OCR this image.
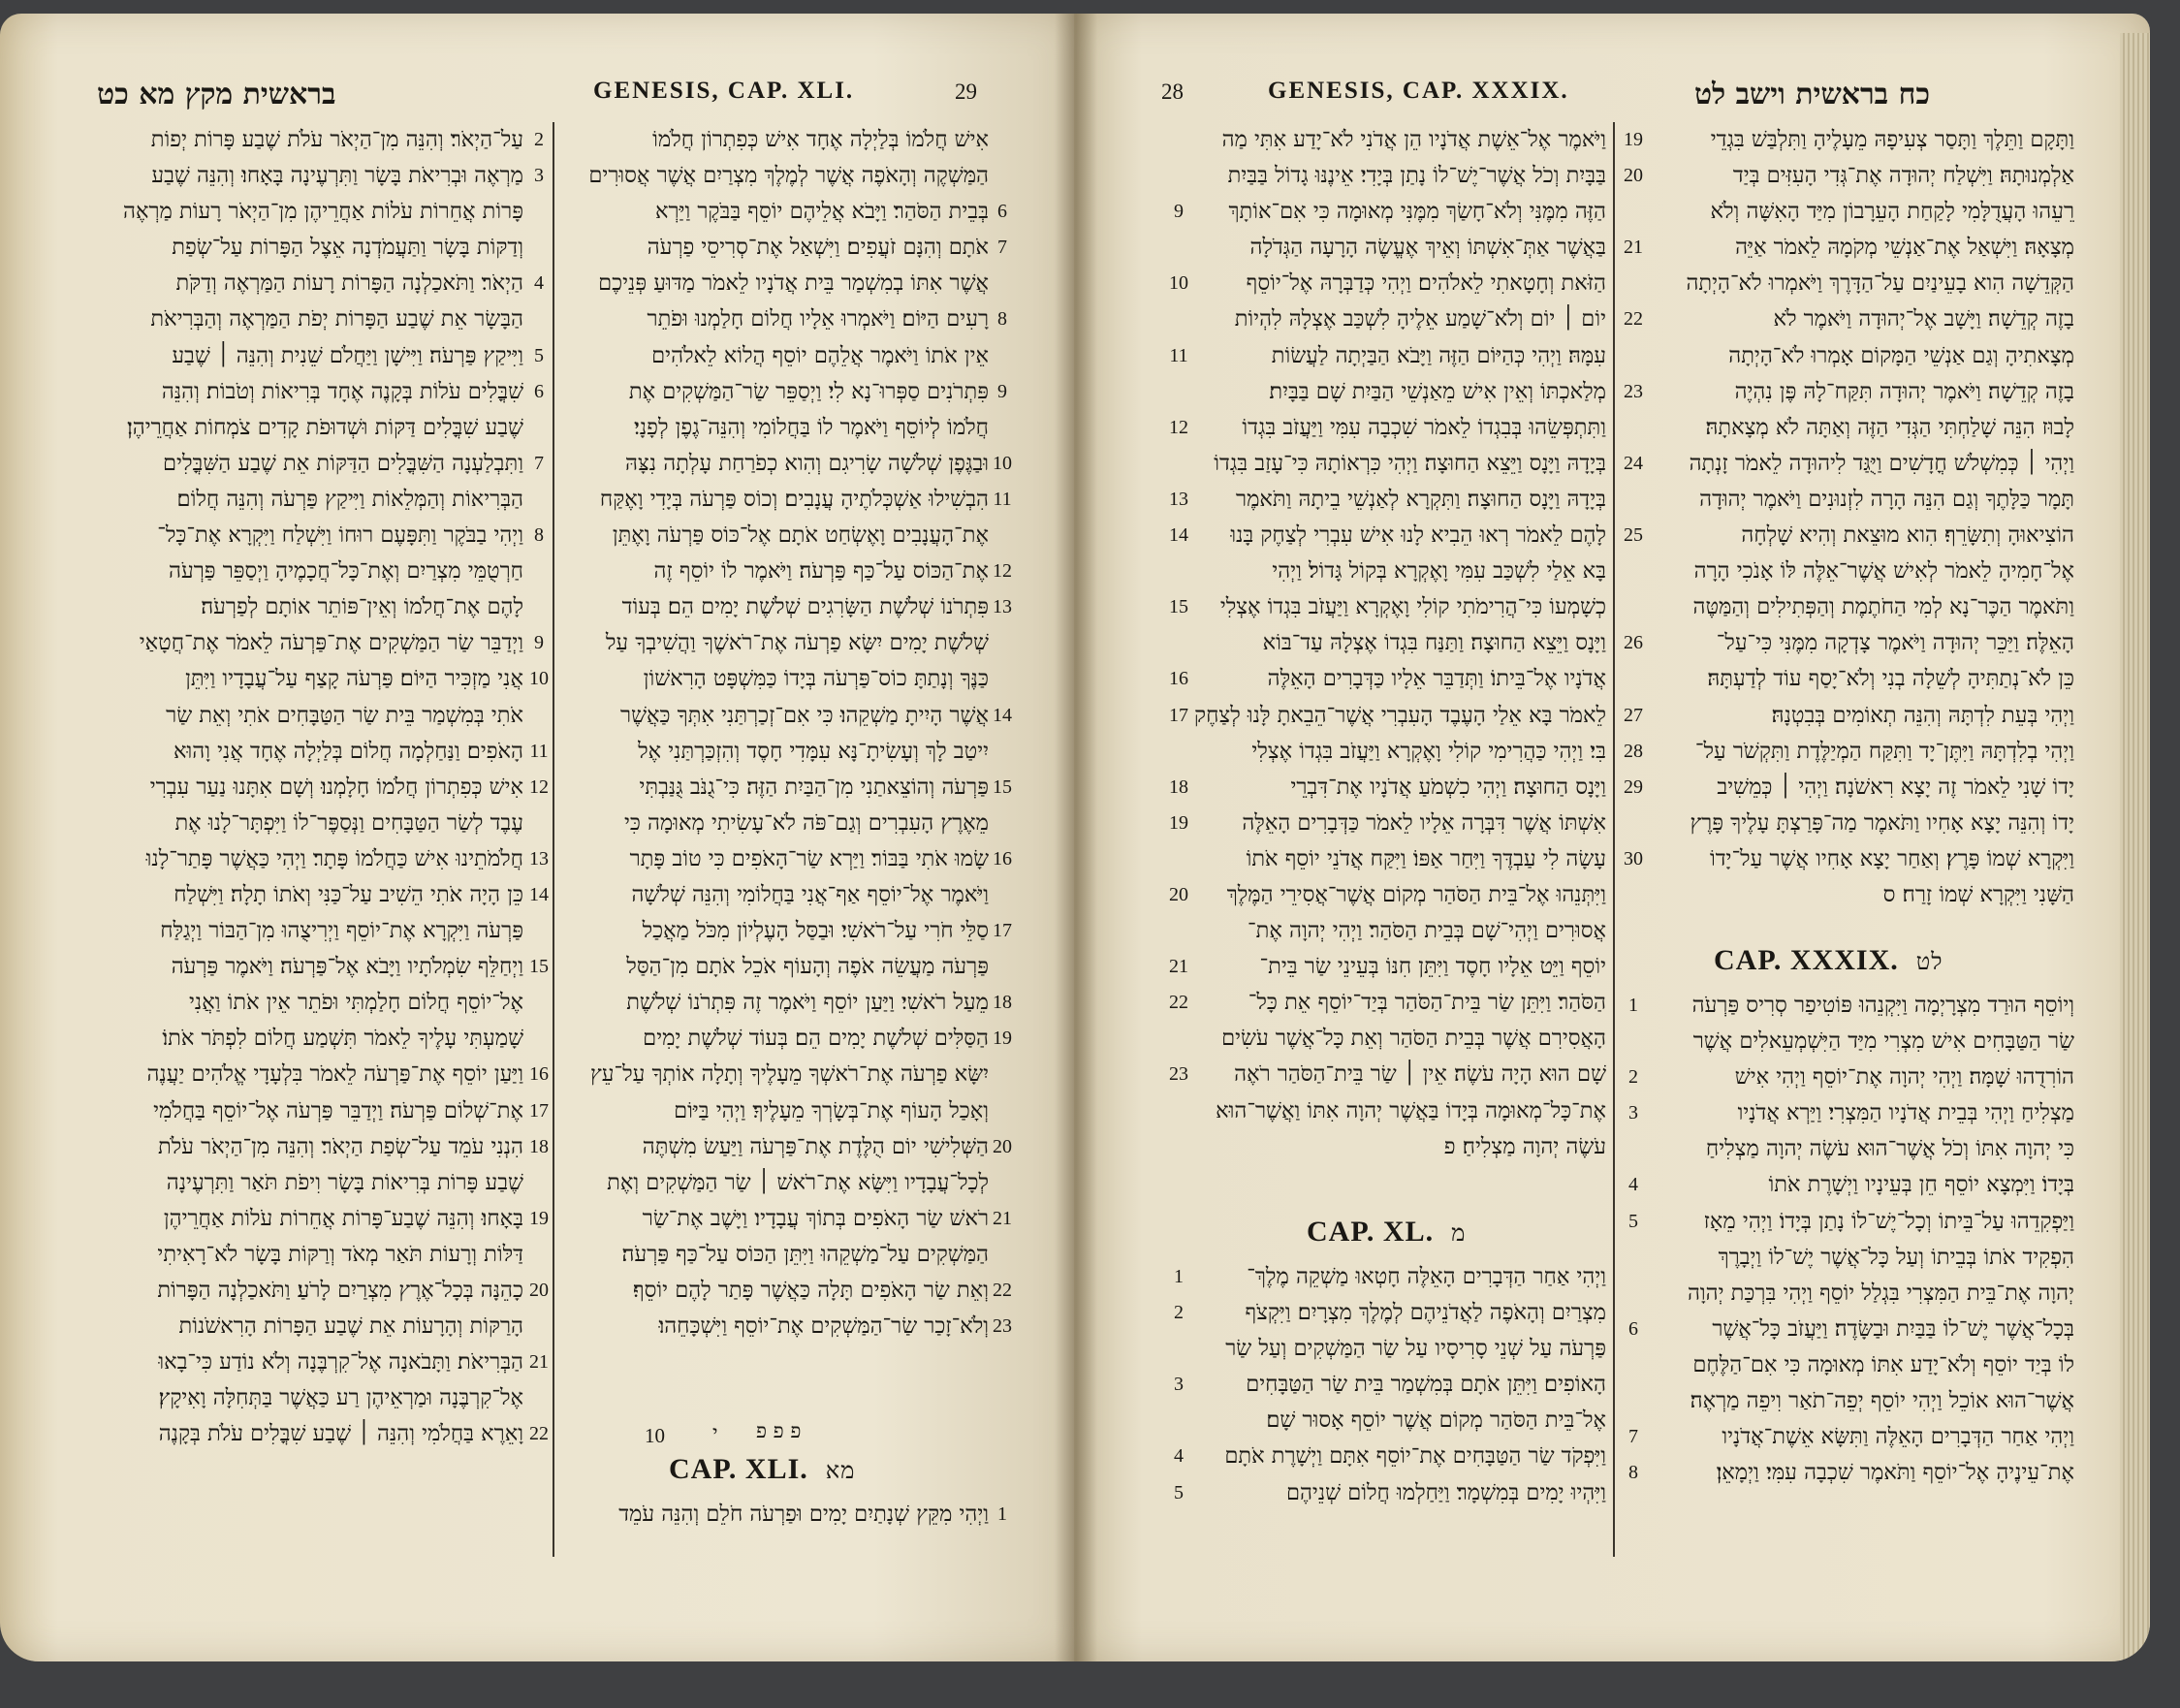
בראשית מקץ מא כט	GENESIS, CAP. XLI.	29
עַל־הַיְאֹר׃ וְהִנֵּה מִן־הַיְאֹר עֹלֹת שֶׁבַע פָּרוֹת יְפוֹת
מַרְאֶה וּבְרִיאֹת בָּשָׂר וַתִּרְעֶינָה בָּאָחוּ׃ וְהִנֵּה שֶׁבַע
פָּרוֹת אֲחֵרוֹת עֹלוֹת אַחֲרֵיהֶן מִן־הַיְאֹר רָעוֹת מַרְאֶה
וְדַקּוֹת בָּשָׂר וַתַּעֲמֹדְנָה אֵצֶל הַפָּרוֹת עַל־שְׂפַת
הַיְאֹר׃ וַתֹּאכַלְנָה הַפָּרוֹת רָעוֹת הַמַּרְאֶה וְדַקֹּת
הַבָּשָׂר אֵת שֶׁבַע הַפָּרוֹת יְפֹת הַמַּרְאֶה וְהַבְּרִיאֹת
וַיִּיקַץ פַּרְעֹה׃ וַיִּישָׁן וַיַּחֲלֹם שֵׁנִית וְהִנֵּה ׀ שֶׁבַע
שִׁבֳּלִים עֹלוֹת בְּקָנֶה אֶחָד בְּרִיאוֹת וְטֹבוֹת׃ וְהִנֵּה
שֶׁבַע שִׁבֳּלִים דַּקּוֹת וּשְׁדוּפֹת קָדִים צֹמְחוֹת אַחֲרֵיהֶן׃
וַתִּבְלַעְנָה הַשִּׁבֳּלִים הַדַּקּוֹת אֵת שֶׁבַע הַשִּׁבֳּלִים
הַבְּרִיאוֹת וְהַמְּלֵאוֹת וַיִּיקַץ פַּרְעֹה וְהִנֵּה חֲלוֹם׃
וַיְהִי בַבֹּקֶר וַתִּפָּעֶם רוּחוֹ וַיִּשְׁלַח וַיִּקְרָא אֶת־כָּל־
חַרְטֻמֵּי מִצְרַיִם וְאֶת־כָּל־חֲכָמֶיהָ וַיְסַפֵּר פַּרְעֹה
לָהֶם אֶת־חֲלֹמוֹ וְאֵין־פּוֹתֵר אוֹתָם לְפַרְעֹה׃
וַיְדַבֵּר שַׂר הַמַּשְׁקִים אֶת־פַּרְעֹה לֵאמֹר אֶת־חֲטָאַי
אֲנִי מַזְכִּיר הַיּוֹם׃ פַּרְעֹה קָצַף עַל־עֲבָדָיו וַיִּתֵּן
אֹתִי בְּמִשְׁמַר בֵּית שַׂר הַטַּבָּחִים אֹתִי וְאֵת שַׂר
הָאֹפִים׃ וַנַּחַלְמָה חֲלוֹם בְּלַיְלָה אֶחָד אֲנִי וָהוּא
אִישׁ כְּפִתְרוֹן חֲלֹמוֹ חָלָמְנוּ׃ וְשָׁם אִתָּנוּ נַעַר עִבְרִי
עֶבֶד לְשַׂר הַטַּבָּחִים וַנְּסַפֶּר־לוֹ וַיִּפְתָּר־לָנוּ אֶת
חֲלֹמֹתֵינוּ אִישׁ כַּחֲלֹמוֹ פָּתָר׃ וַיְהִי כַּאֲשֶׁר פָּתַר־לָנוּ
כֵּן הָיָה אֹתִי הֵשִׁיב עַל־כַּנִּי וְאֹתוֹ תָלָה׃ וַיִּשְׁלַח
פַּרְעֹה וַיִּקְרָא אֶת־יוֹסֵף וַיְרִיצֻהוּ מִן־הַבּוֹר וַיְגַלַּח
וַיְחַלֵּף שִׂמְלֹתָיו וַיָּבֹא אֶל־פַּרְעֹה׃ וַיֹּאמֶר פַּרְעֹה
אֶל־יוֹסֵף חֲלוֹם חָלַמְתִּי וּפֹתֵר אֵין אֹתוֹ וַאֲנִי
שָׁמַעְתִּי עָלֶיךָ לֵאמֹר תִּשְׁמַע חֲלוֹם לִפְתֹּר אֹתוֹ׃
וַיַּעַן יוֹסֵף אֶת־פַּרְעֹה לֵאמֹר בִּלְעָדָי אֱלֹהִים יַעֲנֶה
אֶת־שְׁלוֹם פַּרְעֹה׃ וַיְדַבֵּר פַּרְעֹה אֶל־יוֹסֵף בַּחֲלֹמִי
הִנְנִי עֹמֵד עַל־שְׂפַת הַיְאֹר׃ וְהִנֵּה מִן־הַיְאֹר עֹלֹת
שֶׁבַע פָּרוֹת בְּרִיאוֹת בָּשָׂר וִיפֹת תֹּאַר וַתִּרְעֶינָה
בָּאָחוּ׃ וְהִנֵּה שֶׁבַע־פָּרוֹת אֲחֵרוֹת עֹלוֹת אַחֲרֵיהֶן
דַּלּוֹת וְרָעוֹת תֹּאַר מְאֹד וְרַקּוֹת בָּשָׂר לֹא־רָאִיתִי
כָהֵנָּה בְּכָל־אֶרֶץ מִצְרַיִם לָרֹעַ׃ וַתֹּאכַלְנָה הַפָּרוֹת
הָרַקּוֹת וְהָרָעוֹת אֵת שֶׁבַע הַפָּרוֹת הָרִאשֹׁנוֹת
הַבְּרִיאֹת׃ וַתָּבֹאנָה אֶל־קִרְבֶּנָה וְלֹא נוֹדַע כִּי־בָאוּ
אֶל־קִרְבֶּנָה וּמַרְאֵיהֶן רַע כַּאֲשֶׁר בַּתְּחִלָּה וָאִיקָץ׃
וָאֵרֶא בַּחֲלֹמִי וְהִנֵּה ׀ שֶׁבַע שִׁבֳּלִים עֹלֹת בְּקָנֶה
2
3
4
5
6
7
8
9
10
11
12
13
14
15
16
17
18
19
20
21
22
אִישׁ חֲלֹמוֹ בְּלַיְלָה אֶחָד אִישׁ כְּפִתְרוֹן חֲלֹמוֹ
הַמַּשְׁקֶה וְהָאֹפֶה אֲשֶׁר לְמֶלֶךְ מִצְרַיִם אֲשֶׁר אֲסוּרִים
בְּבֵית הַסֹּהַר׃ וַיָּבֹא אֲלֵיהֶם יוֹסֵף בַּבֹּקֶר וַיַּרְא
אֹתָם וְהִנָּם זֹעֲפִים׃ וַיִּשְׁאַל אֶת־סְרִיסֵי פַרְעֹה
אֲשֶׁר אִתּוֹ בְמִשְׁמַר בֵּית אֲדֹנָיו לֵאמֹר מַדּוּעַ פְּנֵיכֶם
רָעִים הַיּוֹם׃ וַיֹּאמְרוּ אֵלָיו חֲלוֹם חָלַמְנוּ וּפֹתֵר
אֵין אֹתוֹ וַיֹּאמֶר אֲלֵהֶם יוֹסֵף הֲלוֹא לֵאלֹהִים
פִּתְרֹנִים סַפְּרוּ־נָא לִי׃ וַיְסַפֵּר שַׂר־הַמַּשְׁקִים אֶת
חֲלֹמוֹ לְיוֹסֵף וַיֹּאמֶר לוֹ בַּחֲלוֹמִי וְהִנֵּה־גֶפֶן לְפָנָי׃
וּבַגֶּפֶן שְׁלֹשָׁה שָׂרִיגִם וְהִוא כְפֹרַחַת עָלְתָה נִצָּהּ
הִבְשִׁילוּ אַשְׁכְּלֹתֶיהָ עֲנָבִים׃ וְכוֹס פַּרְעֹה בְּיָדִי וָאֶקַּח
אֶת־הָעֲנָבִים וָאֶשְׂחַט אֹתָם אֶל־כּוֹס פַּרְעֹה וָאֶתֵּן
אֶת־הַכּוֹס עַל־כַּף פַּרְעֹה׃ וַיֹּאמֶר לוֹ יוֹסֵף זֶה
פִּתְרֹנוֹ שְׁלֹשֶׁת הַשָּׂרִגִים שְׁלֹשֶׁת יָמִים הֵם׃ בְּעוֹד
שְׁלֹשֶׁת יָמִים יִשָּׂא פַרְעֹה אֶת־רֹאשֶׁךָ וַהֲשִׁיבְךָ עַל
כַּנֶּךָ וְנָתַתָּ כוֹס־פַּרְעֹה בְּיָדוֹ כַּמִּשְׁפָּט הָרִאשׁוֹן
אֲשֶׁר הָיִיתָ מַשְׁקֵהוּ׃ כִּי אִם־זְכַרְתַּנִי אִתְּךָ כַּאֲשֶׁר
יִיטַב לָךְ וְעָשִׂיתָ־נָּא עִמָּדִי חָסֶד וְהִזְכַּרְתַּנִי אֶל
פַּרְעֹה וְהוֹצֵאתַנִי מִן־הַבַּיִת הַזֶּה׃ כִּי־גֻנֹּב גֻּנַּבְתִּי
מֵאֶרֶץ הָעִבְרִים וְגַם־פֹּה לֹא־עָשִׂיתִי מְאוּמָה כִּי
שָׂמוּ אֹתִי בַּבּוֹר׃ וַיַּרְא שַׂר־הָאֹפִים כִּי טוֹב פָּתָר
וַיֹּאמֶר אֶל־יוֹסֵף אַף־אֲנִי בַּחֲלוֹמִי וְהִנֵּה שְׁלֹשָׁה
סַלֵּי חֹרִי עַל־רֹאשִׁי׃ וּבַסַּל הָעֶלְיוֹן מִכֹּל מַאֲכַל
פַּרְעֹה מַעֲשֵׂה אֹפֶה וְהָעוֹף אֹכֵל אֹתָם מִן־הַסַּל
מֵעַל רֹאשִׁי׃ וַיַּעַן יוֹסֵף וַיֹּאמֶר זֶה פִּתְרֹנוֹ שְׁלֹשֶׁת
הַסַּלִּים שְׁלֹשֶׁת יָמִים הֵם׃ בְּעוֹד שְׁלֹשֶׁת יָמִים
יִשָּׂא פַרְעֹה אֶת־רֹאשְׁךָ מֵעָלֶיךָ וְתָלָה אוֹתְךָ עַל־עֵץ
וְאָכַל הָעוֹף אֶת־בְּשָׂרְךָ מֵעָלֶיךָ׃ וַיְהִי בַּיּוֹם
הַשְּׁלִישִׁי יוֹם הֻלֶּדֶת אֶת־פַּרְעֹה וַיַּעַשׂ מִשְׁתֶּה
לְכָל־עֲבָדָיו וַיִּשָּׂא אֶת־רֹאשׁ ׀ שַׂר הַמַּשְׁקִים וְאֶת
רֹאשׁ שַׂר הָאֹפִים בְּתוֹךְ עֲבָדָיו׃ וַיָּשֶׁב אֶת־שַׂר
הַמַּשְׁקִים עַל־מַשְׁקֵהוּ וַיִּתֵּן הַכּוֹס עַל־כַּף פַּרְעֹה׃
וְאֵת שַׂר הָאֹפִים תָּלָה כַּאֲשֶׁר פָּתַר לָהֶם יוֹסֵף׃
וְלֹא־זָכַר שַׂר־הַמַּשְׁקִים אֶת־יוֹסֵף וַיִּשְׁכָּחֵהוּ׃
6
7
8
9
10
11
12
13
14
15
16
17
18
19
20
21
22
23
פ פ פ
10 י
CAP. XLI. מא
וַיְהִי מִקֵּץ שְׁנָתַיִם יָמִים וּפַרְעֹה חֹלֵם וְהִנֵּה עֹמֵד 1
28	GENESIS, CAP. XXXIX.	כח בראשית וישב לט
9
10
11
12
13
14
15
16
17
18
19
20
21
22
23
וַיֹּאמֶר אֶל־אֵשֶׁת אֲדֹנָיו הֵן אֲדֹנִי לֹא־יָדַע אִתִּי מַה
בַּבָּיִת וְכֹל אֲשֶׁר־יֶשׁ־לוֹ נָתַן בְּיָדִי׃ אֵינֶנּוּ גָדוֹל בַּבַּיִת
הַזֶּה מִמֶּנִּי וְלֹא־חָשַׂךְ מִמֶּנִּי מְאוּמָה כִּי אִם־אוֹתָךְ
בַּאֲשֶׁר אַתְּ־אִשְׁתּוֹ וְאֵיךְ אֶעֱשֶׂה הָרָעָה הַגְּדֹלָה
הַזֹּאת וְחָטָאתִי לֵאלֹהִים׃ וַיְהִי כְּדַבְּרָהּ אֶל־יוֹסֵף
יוֹם ׀ יוֹם וְלֹא־שָׁמַע אֵלֶיהָ לִשְׁכַּב אֶצְלָהּ לִהְיוֹת
עִמָּהּ׃ וַיְהִי כְּהַיּוֹם הַזֶּה וַיָּבֹא הַבַּיְתָה לַעֲשׂוֹת
מְלַאכְתּוֹ וְאֵין אִישׁ מֵאַנְשֵׁי הַבַּיִת שָׁם בַּבָּיִת׃
וַתִּתְפְּשֵׂהוּ בְּבִגְדוֹ לֵאמֹר שִׁכְבָה עִמִּי וַיַּעֲזֹב בִּגְדוֹ
בְּיָדָהּ וַיָּנָס וַיֵּצֵא הַחוּצָה׃ וַיְהִי כִּרְאוֹתָהּ כִּי־עָזַב בִּגְדוֹ
בְּיָדָהּ וַיָּנָס הַחוּצָה׃ וַתִּקְרָא לְאַנְשֵׁי בֵיתָהּ וַתֹּאמֶר
לָהֶם לֵאמֹר רְאוּ הֵבִיא לָנוּ אִישׁ עִבְרִי לְצַחֶק בָּנוּ
בָּא אֵלַי לִשְׁכַּב עִמִּי וָאֶקְרָא בְּקוֹל גָּדוֹל׃ וַיְהִי
כְשָׁמְעוֹ כִּי־הֲרִימֹתִי קוֹלִי וָאֶקְרָא וַיַּעֲזֹב בִּגְדוֹ אֶצְלִי
וַיָּנָס וַיֵּצֵא הַחוּצָה׃ וַתַּנַּח בִּגְדוֹ אֶצְלָהּ עַד־בּוֹא
אֲדֹנָיו אֶל־בֵּיתוֹ׃ וַתְּדַבֵּר אֵלָיו כַּדְּבָרִים הָאֵלֶּה
לֵאמֹר בָּא אֵלַי הָעֶבֶד הָעִבְרִי אֲשֶׁר־הֵבֵאתָ לָּנוּ לְצַחֶק
בִּי׃ וַיְהִי כַּהֲרִימִי קוֹלִי וָאֶקְרָא וַיַּעֲזֹב בִּגְדוֹ אֶצְלִי
וַיָּנָס הַחוּצָה׃ וַיְהִי כִשְׁמֹעַ אֲדֹנָיו אֶת־דִּבְרֵי
אִשְׁתּוֹ אֲשֶׁר דִּבְּרָה אֵלָיו לֵאמֹר כַּדְּבָרִים הָאֵלֶּה
עָשָׂה לִי עַבְדֶּךָ וַיִּחַר אַפּוֹ׃ וַיִּקַּח אֲדֹנֵי יוֹסֵף אֹתוֹ
וַיִּתְּנֵהוּ אֶל־בֵּית הַסֹּהַר מְקוֹם אֲשֶׁר־אֲסִירֵי הַמֶּלֶךְ
אֲסוּרִים וַיְהִי־שָׁם בְּבֵית הַסֹּהַר׃ וַיְהִי יְהוָה אֶת־
יוֹסֵף וַיֵּט אֵלָיו חָסֶד וַיִּתֵּן חִנּוֹ בְּעֵינֵי שַׂר בֵּית־
הַסֹּהַר׃ וַיִּתֵּן שַׂר בֵּית־הַסֹּהַר בְּיַד־יוֹסֵף אֵת כָּל־
הָאֲסִירִם אֲשֶׁר בְּבֵית הַסֹּהַר וְאֵת כָּל־אֲשֶׁר עֹשִׂים
שָׁם הוּא הָיָה עֹשֶׂה׃ אֵין ׀ שַׂר בֵּית־הַסֹּהַר רֹאֶה
אֶת־כָּל־מְאוּמָה בְּיָדוֹ בַּאֲשֶׁר יְהוָה אִתּוֹ וַאֲשֶׁר־הוּא
עֹשֶׂה יְהוָה מַצְלִיחַ׃ פ
CAP. XL. מ
1
2
3
4
5
וַיְהִי אַחַר הַדְּבָרִים הָאֵלֶּה חָטְאוּ מַשְׁקֵה מֶלֶךְ־
מִצְרַיִם וְהָאֹפֶה לַאֲדֹנֵיהֶם לְמֶלֶךְ מִצְרָיִם׃ וַיִּקְצֹף
פַּרְעֹה עַל שְׁנֵי סָרִיסָיו עַל שַׂר הַמַּשְׁקִים וְעַל שַׂר
הָאוֹפִים׃ וַיִּתֵּן אֹתָם בְּמִשְׁמַר בֵּית שַׂר הַטַּבָּחִים
אֶל־בֵּית הַסֹּהַר מְקוֹם אֲשֶׁר יוֹסֵף אָסוּר שָׁם׃
וַיִּפְקֹד שַׂר הַטַּבָּחִים אֶת־יוֹסֵף אִתָּם וַיְשָׁרֶת אֹתָם
וַיִּהְיוּ יָמִים בְּמִשְׁמָר׃ וַיַּחַלְמוּ חֲלוֹם שְׁנֵיהֶם
19
20
21
22
23
24
25
26
27
28
29
30
וַתָּקָם וַתֵּלֶךְ וַתָּסַר צְעִיפָהּ מֵעָלֶיהָ וַתִּלְבַּשׁ בִּגְדֵי
אַלְמְנוּתָהּ׃ וַיִּשְׁלַח יְהוּדָה אֶת־גְּדִי הָעִזִּים בְּיַד
רֵעֵהוּ הָעֲדֻלָּמִי לָקַחַת הָעֵרָבוֹן מִיַּד הָאִשָּׁה וְלֹא
מְצָאָהּ׃ וַיִּשְׁאַל אֶת־אַנְשֵׁי מְקֹמָהּ לֵאמֹר אַיֵּה
הַקְּדֵשָׁה הִוא בָעֵינַיִם עַל־הַדָּרֶךְ וַיֹּאמְרוּ לֹא־הָיְתָה
בָזֶה קְדֵשָׁה׃ וַיָּשָׁב אֶל־יְהוּדָה וַיֹּאמֶר לֹא
מְצָאתִיהָ וְגַם אַנְשֵׁי הַמָּקוֹם אָמְרוּ לֹא־הָיְתָה
בָזֶה קְדֵשָׁה׃ וַיֹּאמֶר יְהוּדָה תִּקַּח־לָהּ פֶּן נִהְיֶה
לָבוּז הִנֵּה שָׁלַחְתִּי הַגְּדִי הַזֶּה וְאַתָּה לֹא מְצָאתָהּ׃
וַיְהִי ׀ כְּמִשְׁלֹשׁ חֳדָשִׁים וַיֻּגַּד לִיהוּדָה לֵאמֹר זָנְתָה
תָּמָר כַּלָּתֶךָ וְגַם הִנֵּה הָרָה לִזְנוּנִים וַיֹּאמֶר יְהוּדָה
הוֹצִיאוּהָ וְתִשָּׂרֵף׃ הִוא מוּצֵאת וְהִיא שָׁלְחָה
אֶל־חָמִיהָ לֵאמֹר לְאִישׁ אֲשֶׁר־אֵלֶּה לּוֹ אָנֹכִי הָרָה
וַתֹּאמֶר הַכֶּר־נָא לְמִי הַחֹתֶמֶת וְהַפְּתִילִים וְהַמַּטֶּה
הָאֵלֶּה׃ וַיַּכֵּר יְהוּדָה וַיֹּאמֶר צָדְקָה מִמֶּנִּי כִּי־עַל־
כֵּן לֹא־נְתַתִּיהָ לְשֵׁלָה בְנִי וְלֹא־יָסַף עוֹד לְדַעְתָּהּ׃
וַיְהִי בְּעֵת לִדְתָּהּ וְהִנֵּה תְאוֹמִים בְּבִטְנָהּ׃
וַיְהִי בְלִדְתָּהּ וַיִּתֶּן־יָד וַתִּקַּח הַמְיַלֶּדֶת וַתִּקְשֹׁר עַל־
יָדוֹ שָׁנִי לֵאמֹר זֶה יָצָא רִאשֹׁנָה׃ וַיְהִי ׀ כְּמֵשִׁיב
יָדוֹ וְהִנֵּה יָצָא אָחִיו וַתֹּאמֶר מַה־פָּרַצְתָּ עָלֶיךָ פָּרֶץ
וַיִּקְרָא שְׁמוֹ פָּרֶץ׃ וְאַחַר יָצָא אָחִיו אֲשֶׁר עַל־יָדוֹ
הַשָּׁנִי וַיִּקְרָא שְׁמוֹ זָרַח׃ ס
CAP. XXXIX. לט
1
2
3
4
5
6
7
8
וְיוֹסֵף הוּרַד מִצְרָיְמָה וַיִּקְנֵהוּ פּוֹטִיפַר סְרִיס פַּרְעֹה
שַׂר הַטַּבָּחִים אִישׁ מִצְרִי מִיַּד הַיִּשְׁמְעֵאלִים אֲשֶׁר
הוֹרִדֻהוּ שָׁמָּה׃ וַיְהִי יְהוָה אֶת־יוֹסֵף וַיְהִי אִישׁ
מַצְלִיחַ וַיְהִי בְּבֵית אֲדֹנָיו הַמִּצְרִי׃ וַיַּרְא אֲדֹנָיו
כִּי יְהוָה אִתּוֹ וְכֹל אֲשֶׁר־הוּא עֹשֶׂה יְהוָה מַצְלִיחַ
בְּיָדוֹ׃ וַיִּמְצָא יוֹסֵף חֵן בְּעֵינָיו וַיְשָׁרֶת אֹתוֹ
וַיַּפְקִדֵהוּ עַל־בֵּיתוֹ וְכָל־יֶשׁ־לוֹ נָתַן בְּיָדוֹ׃ וַיְהִי מֵאָז
הִפְקִיד אֹתוֹ בְּבֵיתוֹ וְעַל כָּל־אֲשֶׁר יֶשׁ־לוֹ וַיְבָרֶךְ
יְהוָה אֶת־בֵּית הַמִּצְרִי בִּגְלַל יוֹסֵף וַיְהִי בִּרְכַּת יְהוָה
בְּכָל־אֲשֶׁר יֶשׁ־לוֹ בַּבַּיִת וּבַשָּׂדֶה׃ וַיַּעֲזֹב כָּל־אֲשֶׁר
לוֹ בְּיַד יוֹסֵף וְלֹא־יָדַע אִתּוֹ מְאוּמָה כִּי אִם־הַלֶּחֶם
אֲשֶׁר־הוּא אוֹכֵל וַיְהִי יוֹסֵף יְפֵה־תֹאַר וִיפֵה מַרְאֶה׃
וַיְהִי אַחַר הַדְּבָרִים הָאֵלֶּה וַתִּשָּׂא אֵשֶׁת־אֲדֹנָיו
אֶת־עֵינֶיהָ אֶל־יוֹסֵף וַתֹּאמֶר שִׁכְבָה עִמִּי׃ וַיְמָאֵן׃
